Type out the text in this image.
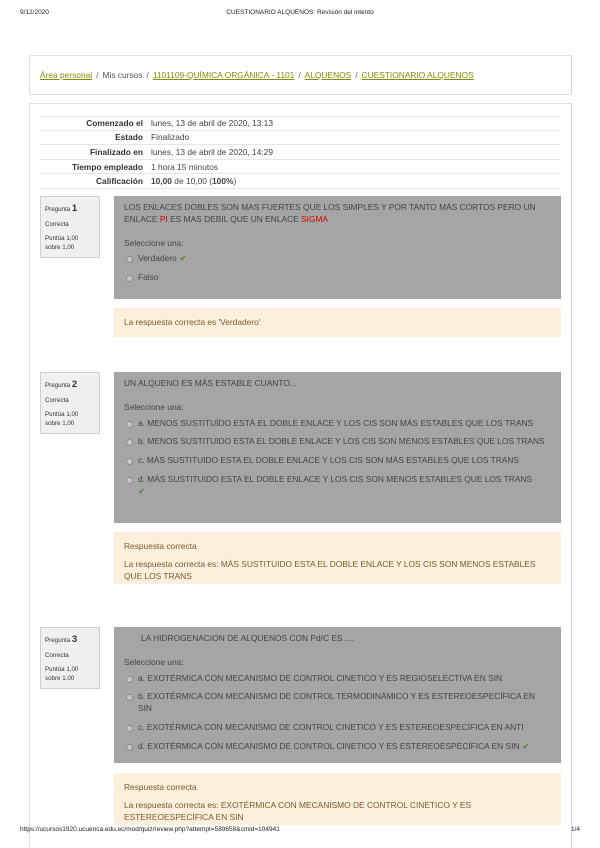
9/12/2020	CUESTIONARIO ALQUENOS: Revisión del intento
Área personal / Mis cursos / 1101109-QUÍMICA ORGÁNICA - 1101 / ALQUENOS / CUESTIONARIO ALQUENOS
Comenzado el lunes, 13 de abril de 2020, 13:13
Estado Finalizado
Finalizado en lunes, 13 de abril de 2020, 14:29
Tiempo empleado 1 hora 15 minutos
Calificación 10,00 de 10,00 (100%)
Pregunta 1
Correcta
Puntúa 1,00
sobre 1,00
LOS ENLACES DOBLES SON MAS FUERTES QUE LOS SIMPLES Y POR TANTO MÁS CORTOS PERO UN ENLACE PI ES MAS DEBIL QUE UN ENLACE SIGMA
Seleccione una:
Verdadero ✔
Falso
La respuesta correcta es 'Verdadero'
Pregunta 2
Correcta
Puntúa 1,00
sobre 1,00
UN ALQUENO ES MÁS ESTABLE CUANTO...
Seleccione una:
a. MENOS SUSTITUÍDO ESTÁ EL DOBLE ENLACE Y LOS CIS SON MÁS ESTABLES QUE LOS TRANS
b. MENOS SUSTITUIDO ESTA EL DOBLE ENLACE Y LOS CIS SON MENOS ESTABLES QUE LOS TRANS
c. MÁS SUSTITUIDO ESTA EL DOBLE ENLACE Y LOS CIS SON MÁS ESTABLES QUE LOS TRANS
d. MÁS SUSTITUIDO ESTA EL DOBLE ENLACE Y LOS CIS SON MENOS ESTABLES QUE LOS TRANS
✔
Respuesta correcta
La respuesta correcta es: MÁS SUSTITUIDO ESTA EL DOBLE ENLACE Y LOS CIS SON MENOS ESTABLES QUE LOS TRANS
Pregunta 3
Correcta
Puntúa 1,00
sobre 1,00
LA HIDROGENACION DE ALQUENOS CON Pd/C ES ....
Seleccione una:
a. EXOTÉRMICA CON MECANISMO DE CONTROL CINETICO Y ES REGIOSELECTIVA EN SIN
b. EXOTÉRMICA CON MECANISMO DE CONTROL TERMODINÁMICO Y ES ESTEREOESPECÍFICA EN SIN
c. EXOTÉRMICA CON MECANISMO DE CONTROL CINETICO Y ES ESTEREOESPECÍFICA EN ANTI
d. EXOTÉRMICA CON MECANISMO DE CONTROL CINETICO Y ES ESTEREOESPECÍFICA EN SIN ✔
Respuesta correcta
La respuesta correcta es: EXOTÉRMICA CON MECANISMO DE CONTROL CINETICO Y ES ESTEREOESPECÍFICA EN SIN
https://ucursos1920.ucuenca.edu.ec/mod/quiz/review.php?attempt=589658&cmid=104941	1/4
